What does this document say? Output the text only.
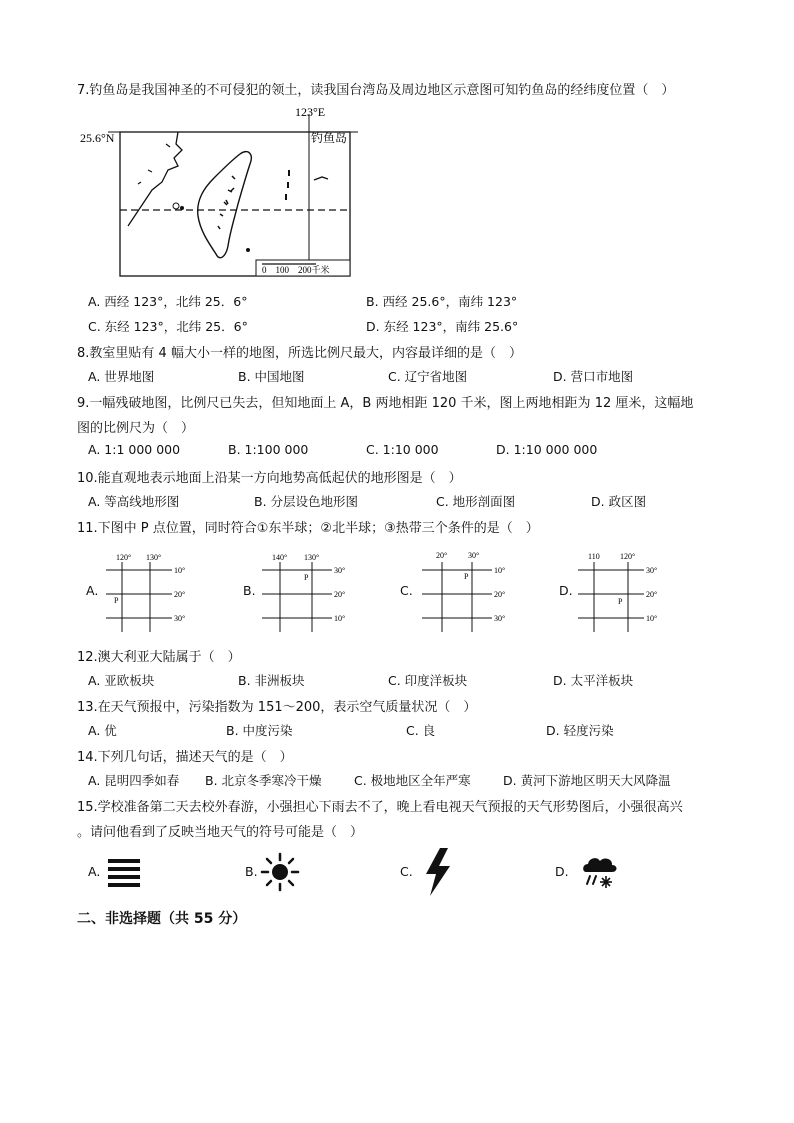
7.钓鱼岛是我国神圣的不可侵犯的领土，读我国台湾岛及周边地区示意图可知钓鱼岛的经纬度位置（　）
123°E
25.6°N	钓鱼岛
0　100　200千米
A. 西经 123°，北纬 25．6°	B. 西经 25.6°，南纬 123°
C. 东经 123°，北纬 25．6°	D. 东经 123°，南纬 25.6°
8.教室里贴有 4 幅大小一样的地图，所选比例尺最大，内容最详细的是（　）
A. 世界地图	B. 中国地图	C. 辽宁省地图	D. 营口市地图
9.一幅残破地图，比例尺已失去，但知地面上 A，B 两地相距 120 千米，图上两地相距为 12 厘米，这幅地
图的比例尺为（　）
A. 1:1 000 000	B. 1:100 000	C. 1:10 000	D. 1:10 000 000
10.能直观地表示地面上沿某一方向地势高低起伏的地形图是（　）
A. 等高线地形图	B. 分层设色地形图	C. 地形剖面图	D. 政区图
11.下图中 P 点位置，同时符合①东半球；②北半球；③热带三个条件的是（　）
A.
120° 130°
10°
20°
30°
P
B.
140° 130°
30°
20°
10°
P
C.
20°	30°
10°
20°
30°
P
D.
110	120°
30°
20°
10°
P
12.澳大利亚大陆属于（　）
A. 亚欧板块	B. 非洲板块	C. 印度洋板块	D. 太平洋板块
13.在天气预报中，污染指数为 151～200，表示空气质量状况（　）
A. 优	B. 中度污染	C. 良	D. 轻度污染
14.下列几句话，描述天气的是（　）
A. 昆明四季如春 B. 北京冬季寒冷干燥	C. 极地地区全年严寒	D. 黄河下游地区明天大风降温
15.学校准备第二天去校外春游，小强担心下雨去不了，晚上看电视天气预报的天气形势图后，小强很高兴
。请问他看到了反映当地天气的符号可能是（　）
A.	B.	C.	D.
二、非选择题（共 55 分）
